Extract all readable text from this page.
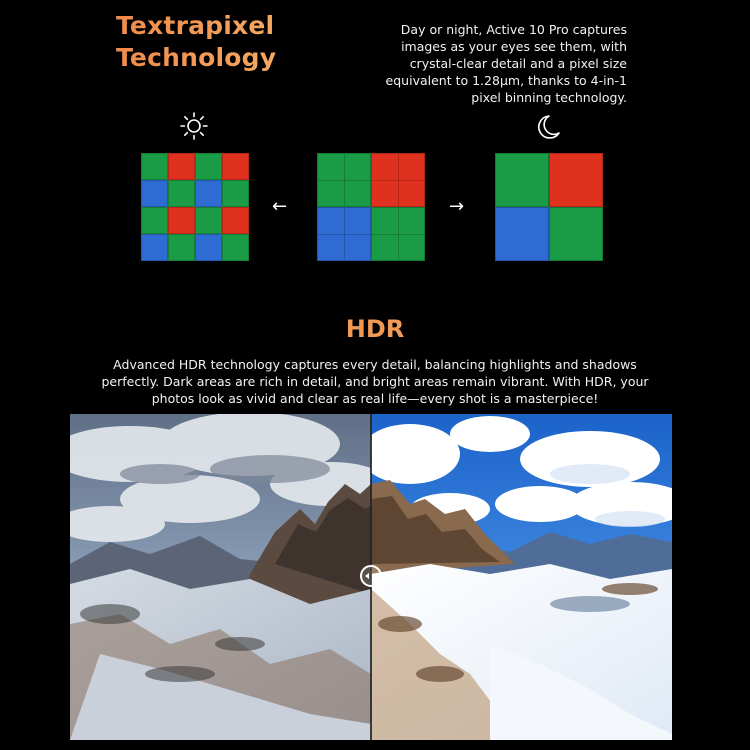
Textrapixel
Technology

Day or night, Active 10 Pro captures images as your eyes see them, with crystal-clear detail and a pixel size equivalent to 1.28μm, thanks to 4-in-1 pixel binning technology.

←	→
HDR

Advanced HDR technology captures every detail, balancing highlights and shadows perfectly. Dark areas are rich in detail, and bright areas remain vibrant. With HDR, your photos look as vivid and clear as real life—every shot is a masterpiece!
